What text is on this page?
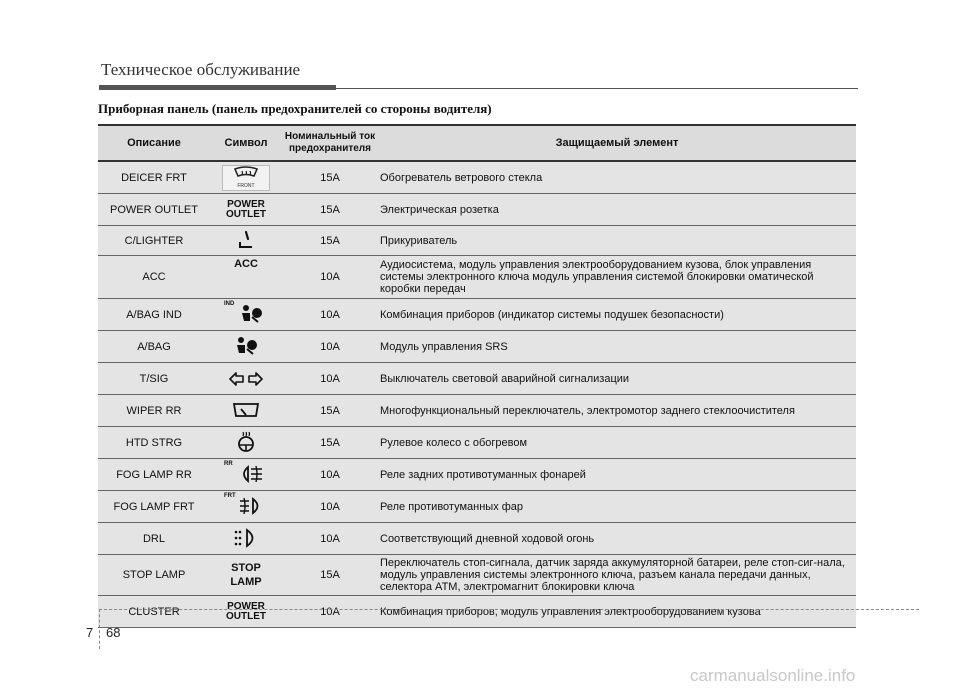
Техническое обслуживание
Приборная панель (панель предохранителей со стороны водителя)
Описание	Символ	Номинальный ток предохранителя	Защищаемый элемент
DEICER FRT	FRONT	15A	Обогреватель ветрового стекла
POWER OUTLET	POWER OUTLET	15A	Электрическая розетка
C/LIGHTER		15A	Прикуриватель
ACC	ACC	10A	Аудиосистема, модуль управления электрооборудованием кузова, блок управления системы электронного ключа модуль управления системой блокировки оматической коробки передач
A/BAG IND	IND	10A	Комбинация приборов (индикатор системы подушек безопасности)
A/BAG		10A	Модуль управления SRS
T/SIG		10A	Выключатель световой аварийной сигнализации
WIPER RR		15A	Многофункциональный переключатель, электромотор заднего стеклоочистителя
HTD STRG		15A	Рулевое колесо с обогревом
FOG LAMP RR	RR	10A	Реле задних противотуманных фонарей
FOG LAMP FRT	FRT	10A	Реле противотуманных фар
DRL		10A	Соответствующий дневной ходовой огонь
STOP LAMP	STOP LAMP	15A	Переключатель стоп-сигнала, датчик заряда аккумуляторной батареи, реле стоп-сиг-нала, модуль управления системы электронного ключа, разъем канала передачи данных, селектора ATM, электромагнит блокировки ключа
CLUSTER	POWER OUTLET	10A	Комбинация приборов, модуль управления электрооборудованием кузова
7 68
carmanualsonline.info
